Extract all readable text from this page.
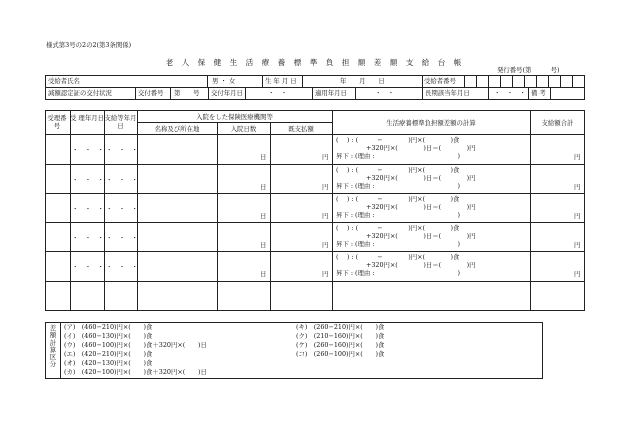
様式第3号の2の2(第3条関係)
老 人 保 健 生 活 療 養 標 準 負 担 額 差 額 支 給 台 帳
発行番号(第　　　号)
受給者氏名	男 ・ 女	生 年 月 日	年　　月　　日	受給者番号
減額認定証の交付状況	交付番号 第　　号 交付年月日	・　・	適用年月日	・　・	長期該当年月日	・　・　・ 備 考
受理番号
受 理年月日 支給等年月日
入院をした保険医療機関等
名称及び所在地	入院日数	既支払額
生活療養標準負担額差額の計算	支給額合計
・　・　・ ・　・　・
日	円
( 　) : (　　　−　　　　)円×(　　　　)食
+320円×(　　　　)日＝(　　　　)円
昇下 : (理由 :　　　　　　　　　　　　　)	円
・　・　・ ・　・　・
日	円
( 　) : (　　　−　　　　)円×(　　　　)食
+320円×(　　　　)日＝(　　　　)円
昇下 : (理由 :　　　　　　　　　　　　　)	円
・　・　・ ・　・　・
日	円
( 　) : (　　　−　　　　)円×(　　　　)食
+320円×(　　　　)日＝(　　　　)円
昇下 : (理由 :　　　　　　　　　　　　　)	円
・　・　・ ・　・　・
日	円
( 　) : (　　　−　　　　)円×(　　　　)食
+320円×(　　　　)日＝(　　　　)円
昇下 : (理由 :　　　　　　　　　　　　　)	円
・　・　・ ・　・　・
日	円
( 　) : (　　　−　　　　)円×(　　　　)食
+320円×(　　　　)日＝(　　　　)円
昇下 : (理由 :　　　　　　　　　　　　　)	円
差額計算区分
(ア)　(460−210)円×(　　)食
(イ)　(460−130)円×(　　)食
(ウ)　(460−100)円×(　　)食＋320円×(　　)日
(エ)　(420−210)円×(　　)食
(オ)　(420−130)円×(　　)食
(カ)　(420−100)円×(　　)食＋320円×(　　)日
(キ)　(260−210)円×(　　)食
(ク)　(210−160)円×(　　)食
(ケ)　(260−160)円×(　　)食
(コ)　(260−100)円×(　　)食
